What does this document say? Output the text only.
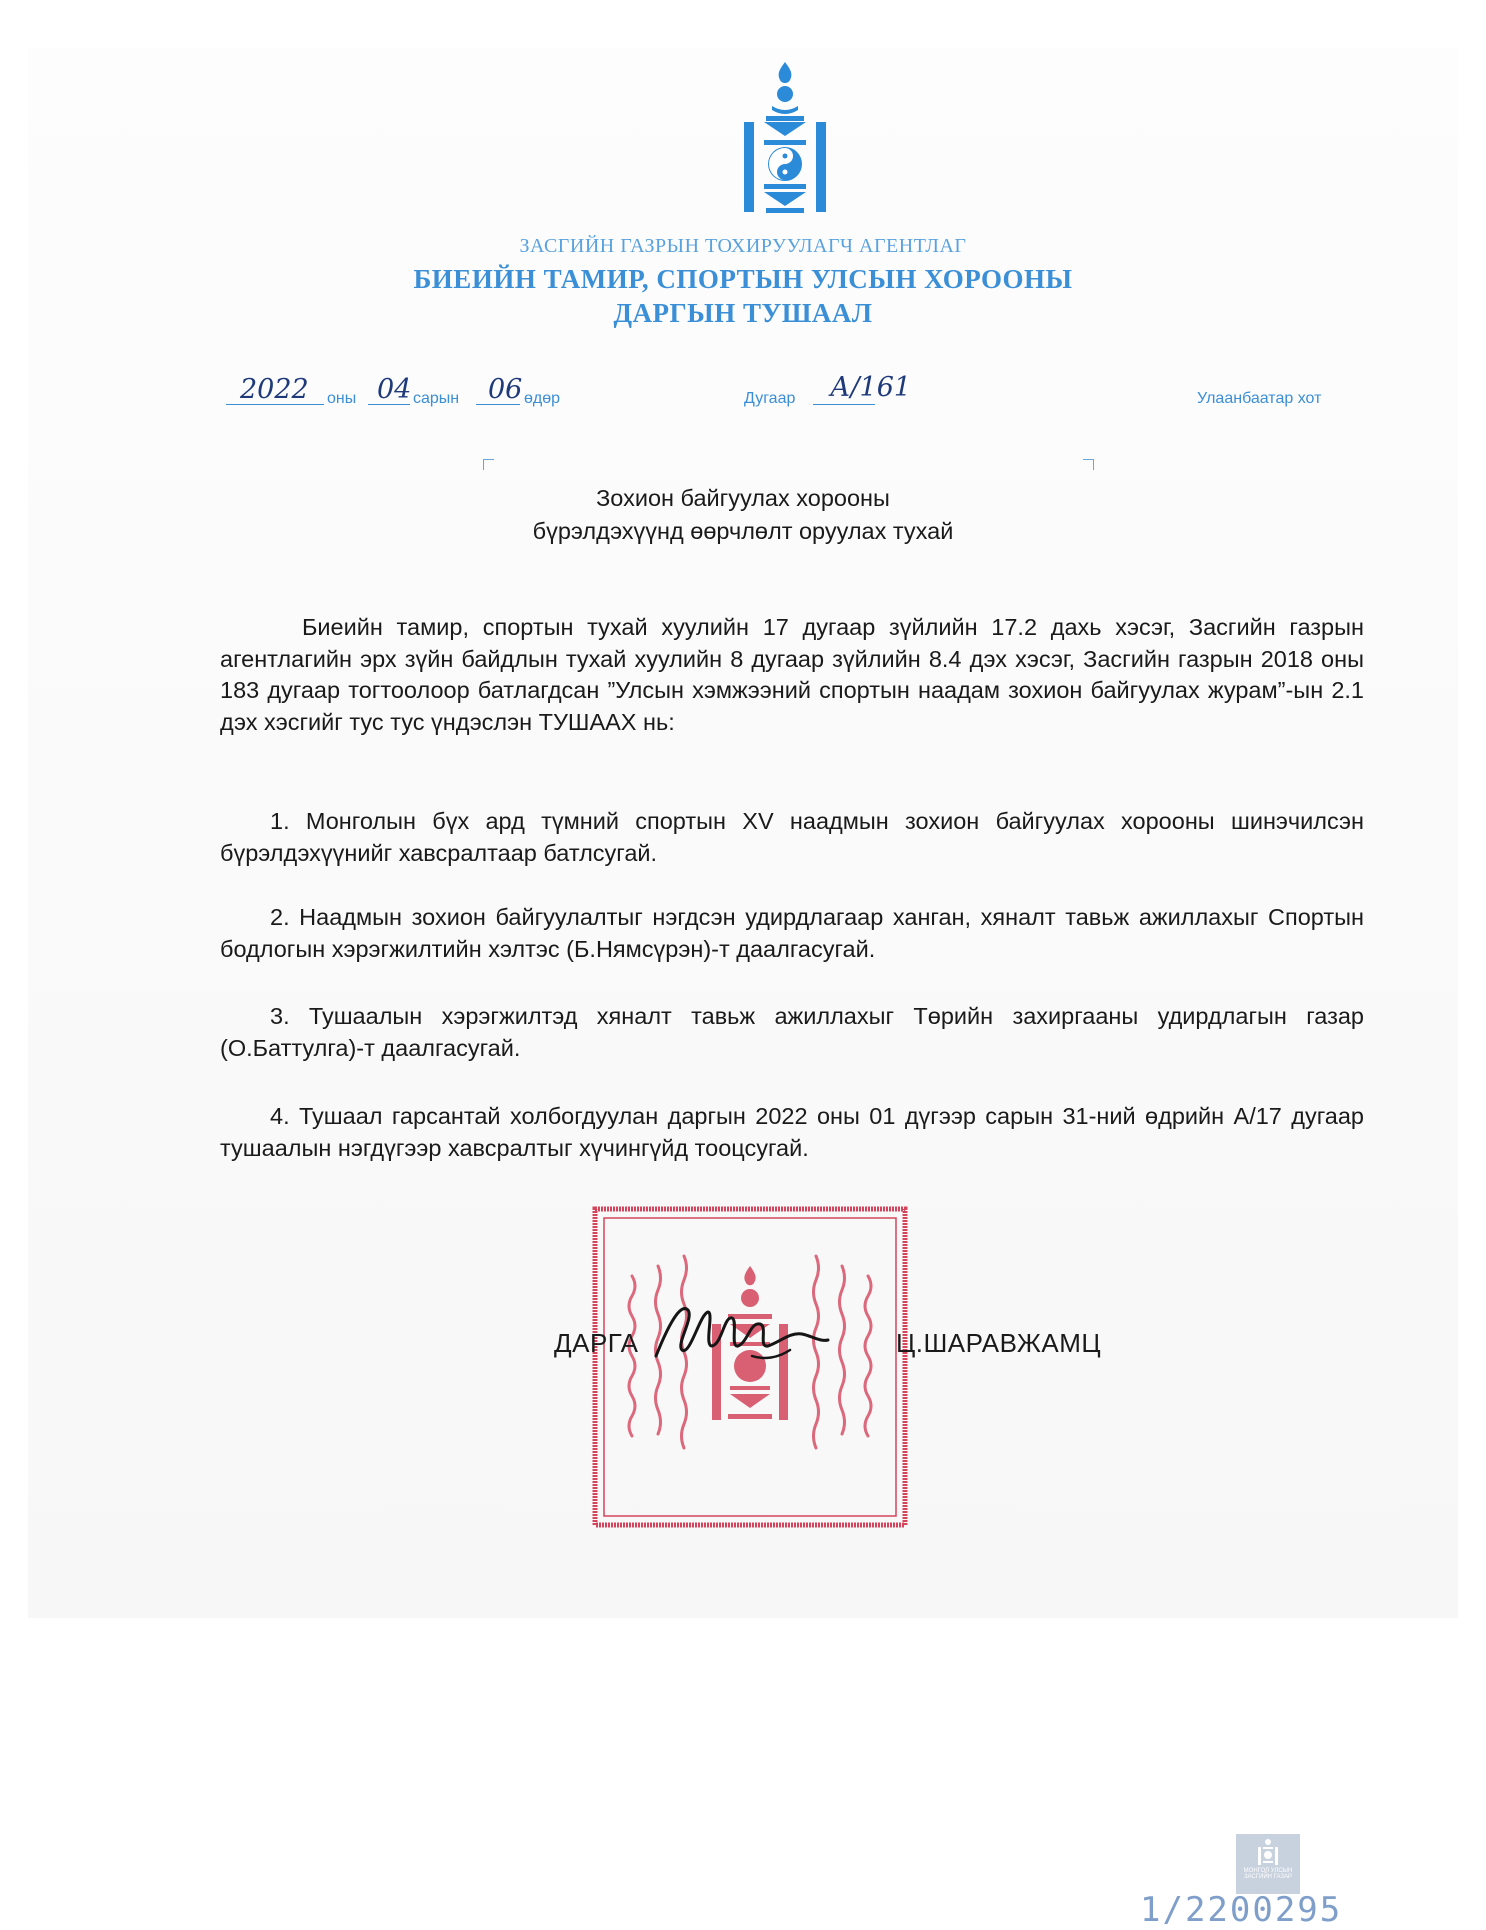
ЗАСГИЙН ГАЗРЫН ТОХИРУУЛАГЧ АГЕНТЛАГ
БИЕИЙН ТАМИР, СПОРТЫН УЛСЫН ХОРООНЫ
ДАРГЫН ТУШААЛ
2022 оны 04 сарын 06 өдөр	Дугаар А/161	Улаанбаатар хот
Зохион байгуулах хорооны
бүрэлдэхүүнд өөрчлөлт оруулах тухай
Биеийн тамир, спортын тухай хуулийн 17 дугаар зүйлийн 17.2 дахь хэсэг, Засгийн газрын агентлагийн эрх зүйн байдлын тухай хуулийн 8 дугаар зүйлийн 8.4 дэх хэсэг, Засгийн газрын 2018 оны 183 дугаар тогтоолоор батлагдсан ”Улсын хэмжээний спортын наадам зохион байгуулах журам”-ын 2.1 дэх хэсгийг тус тус үндэслэн ТУШААХ нь:
1. Монголын бүх ард түмний спортын XV наадмын зохион байгуулах хорооны шинэчилсэн бүрэлдэхүүнийг хавсралтаар батлсугай.
2. Наадмын зохион байгуулалтыг нэгдсэн удирдлагаар ханган, хяналт тавьж ажиллахыг Спортын бодлогын хэрэгжилтийн хэлтэс (Б.Нямсүрэн)-т даалгасугай.
3. Тушаалын хэрэгжилтэд хяналт тавьж ажиллахыг Төрийн захиргааны удирдлагын газар (О.Баттулга)-т даалгасугай.
4. Тушаал гарсантай холбогдуулан даргын 2022 оны 01 дүгээр сарын 31-ний өдрийн А/17 дугаар тушаалын нэгдүгээр хавсралтыг хүчингүйд тооцсугай.
ДАРГА	Ц.ШАРАВЖАМЦ
МОНГОЛ УЛСЫН ЗАСГИЙН ГАЗАР
1/2200295
